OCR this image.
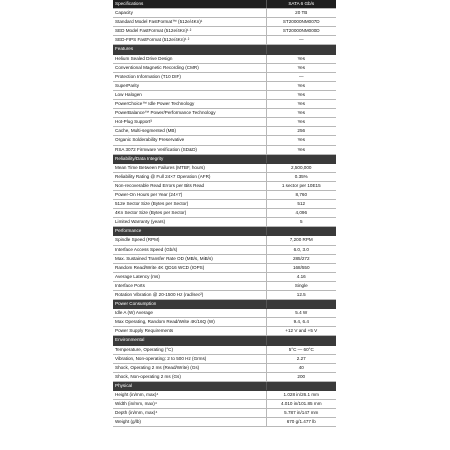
Specifications	SATA 6 Gb/s
Capacity	20 TB
Standard Model FastFormat™ (512e/4Kn)¹	ST20000NM007D
SED Model FastFormat (512e/4Kn)¹ ²	ST20000NM000D
SED-FIPS FastFormat (512e/4Kn)¹ ²	—
Features	
Helium Sealed Drive Design	Yes
Conventional Magnetic Recording (CMR)	Yes
Protection Information (T10 DIF)	—
SuperParity	Yes
Low Halogen	Yes
PowerChoice™ Idle Power Technology	Yes
PowerBalance™ Power/Performance Technology	Yes
Hot-Plug Support³	Yes
Cache, Multi-segmented (MB)	256
Organic Solderability Preservative	Yes
RSA 3072 Firmware Verification (SD&D)	Yes
Reliability/Data Integrity	
Mean Time Between Failures (MTBF, hours)	2,500,000
Reliability Rating @ Full 24×7 Operation (AFR)	0.35%
Non-recoverable Read Errors per Bits Read	1 sector per 10E15
Power-On Hours per Year (24×7)	8,760
512e Sector Size (Bytes per Sector)	512
4Kn Sector Size (Bytes per Sector)	4,096
Limited Warranty (years)	5
Performance	
Spindle Speed (RPM)	7,200 RPM
Interface Access Speed (Gb/s)	6.0, 3.0
Max. Sustained Transfer Rate OD (MB/s, MiB/s)	285/272
Random Read/Write 4K QD16 WCD (IOPS)	168/550
Average Latency (ms)	4.16
Interface Ports	Single
Rotation Vibration @ 20-1500 Hz (rad/sec²)	12.5
Power Consumption	
Idle A (W) Average	5.4 W
Max Operating, Random Read/Write 4K/16Q (W)	9.4, 6.4
Power Supply Requirements	+12 V and +5 V
Environmental	
Temperature, Operating (°C)	5°C — 60°C
Vibration, Non-operating: 2 to 500 Hz (Grms)	2.27
Shock, Operating 2 ms (Read/Write) (Gs)	40
Shock, Non-operating 2 ms (Gs)	200
Physical	
Height (in/mm, max)⁴	1.028 in/26.1 mm
Width (in/mm, max)⁴	4.010 in/101.85 mm
Depth (in/mm, max)⁴	5.787 in/147 mm
Weight (g/lb)	670 g/1.477 lb
